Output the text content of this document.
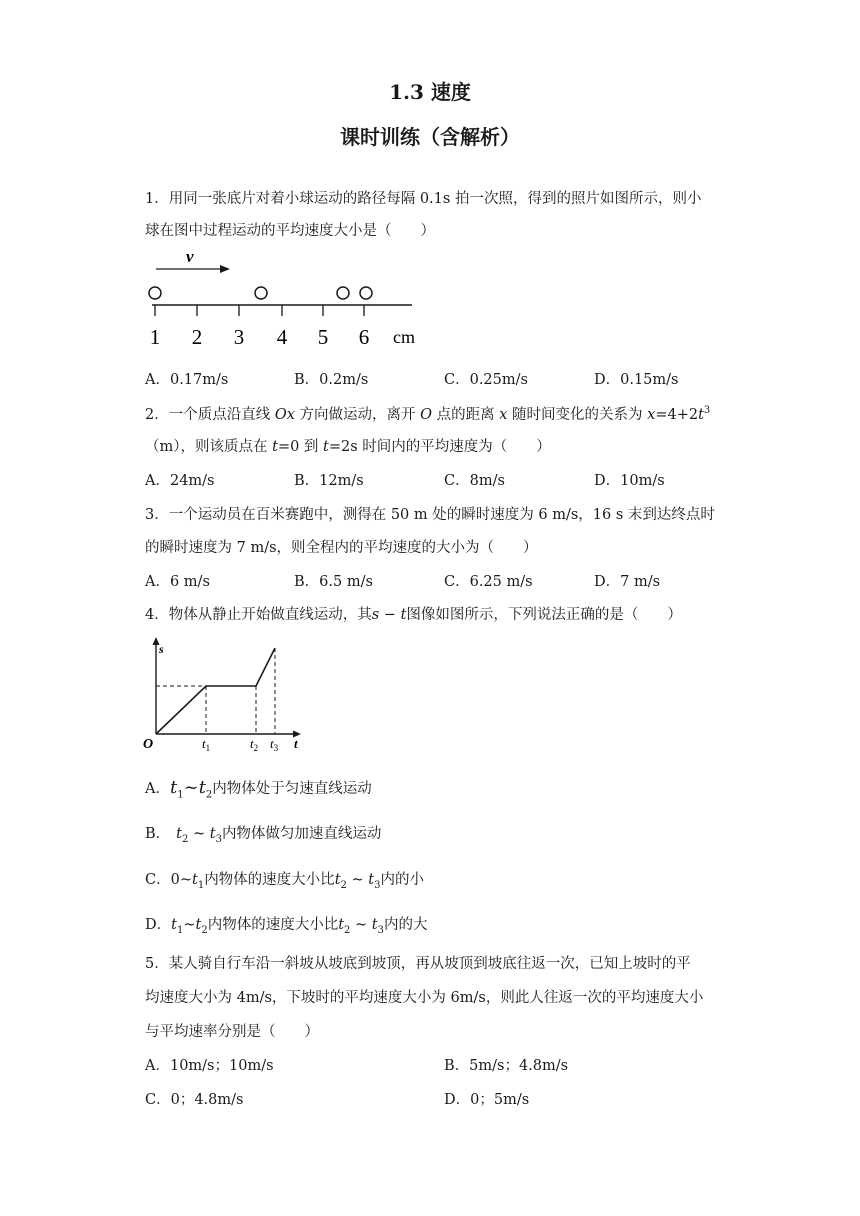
1.3 速度
课时训练（含解析）
1．用同一张底片对着小球运动的路径每隔 0.1s 拍一次照，得到的照片如图所示，则小
球在图中过程运动的平均速度大小是（　　）
v
1 2 3 4 5 6 cm
A．0.17m/s	B．0.2m/s	C．0.25m/s	D．0.15m/s
2．一个质点沿直线 Ox 方向做运动，离开 O 点的距离 x 随时间变化的关系为 $x=4+2t^3$
（m），则该质点在 t=0 到 t=2s 时间内的平均速度为（　　）
A．24m/s	B．12m/s	C．8m/s	D．10m/s
3．一个运动员在百米赛跑中，测得在 50 m 处的瞬时速度为 6 m/s，16 s 末到达终点时
的瞬时速度为 7 m/s，则全程内的平均速度的大小为（　　）
A．6 m/s	B．6.5 m/s	C．6.25 m/s	D．7 m/s
4．物体从静止开始做直线运动，其s − t图像如图所示，下列说法正确的是（　　）
s
t
O	$t_1$	$t_2$ $t_3$
A．$t_1\sim t_2$内物体处于匀速直线运动
B． $t_2$ ~ $t_3$内物体做匀加速直线运动
C．$0\sim t_1$内物体的速度大小比$t_2$ ~ $t_3$内的小
D．$t_1\sim t_2$内物体的速度大小比$t_2$ ~ $t_3$内的大
5．某人骑自行车沿一斜坡从坡底到坡顶，再从坡顶到坡底往返一次，已知上坡时的平
均速度大小为 4m/s，下坡时的平均速度大小为 6m/s，则此人往返一次的平均速度大小
与平均速率分别是（　　）
A．10m/s；10m/s	B．5m/s；4.8m/s
C．0；4.8m/s	D．0；5m/s
